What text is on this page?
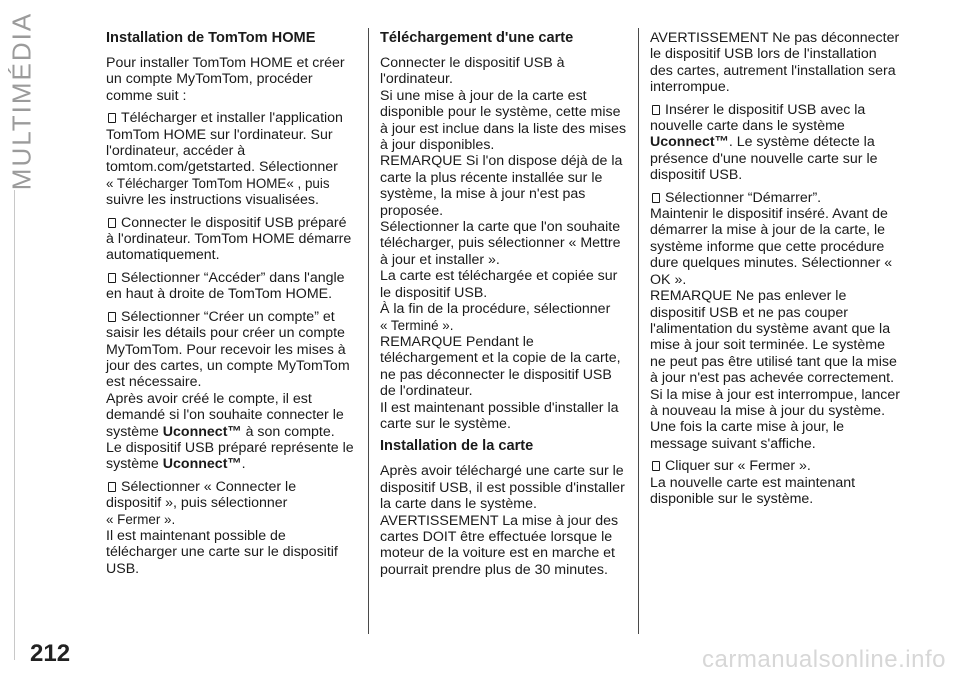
MULTIMÉDIA
212
Installation de TomTom HOME
Pour installer TomTom HOME et créer un compte MyTomTom, procéder comme suit :
Télécharger et installer l'application TomTom HOME sur l'ordinateur. Sur l'ordinateur, accéder à tomtom.com/getstarted. Sélectionner
« Télécharger TomTom HOME« , puis
suivre les instructions visualisées.
Connecter le dispositif USB préparé à l'ordinateur. TomTom HOME démarre automatiquement.
Sélectionner “Accéder” dans l'angle en haut à droite de TomTom HOME.
Sélectionner “Créer un compte” et saisir les détails pour créer un compte MyTomTom. Pour recevoir les mises à jour des cartes, un compte MyTomTom est nécessaire.
Après avoir créé le compte, il est demandé si l'on souhaite connecter le système Uconnect™ à son compte.
Le dispositif USB préparé représente le système Uconnect™.
Sélectionner « Connecter le dispositif », puis sélectionner
« Fermer ».
Il est maintenant possible de télécharger une carte sur le dispositif USB.
Téléchargement d'une carte
Connecter le dispositif USB à l'ordinateur.
Si une mise à jour de la carte est disponible pour le système, cette mise à jour est inclue dans la liste des mises à jour disponibles.
REMARQUE Si l'on dispose déjà de la carte la plus récente installée sur le système, la mise à jour n'est pas proposée.
Sélectionner la carte que l'on souhaite télécharger, puis sélectionner « Mettre à jour et installer ».
La carte est téléchargée et copiée sur le dispositif USB.
À la fin de la procédure, sélectionner
« Terminé ».
REMARQUE Pendant le téléchargement et la copie de la carte, ne pas déconnecter le dispositif USB de l'ordinateur.
Il est maintenant possible d'installer la carte sur le système.
Installation de la carte
Après avoir téléchargé une carte sur le dispositif USB, il est possible d'installer la carte dans le système.
AVERTISSEMENT La mise à jour des cartes DOIT être effectuée lorsque le moteur de la voiture est en marche et pourrait prendre plus de 30 minutes.
AVERTISSEMENT Ne pas déconnecter le dispositif USB lors de l'installation des cartes, autrement l'installation sera interrompue.
Insérer le dispositif USB avec la nouvelle carte dans le système Uconnect™. Le système détecte la présence d'une nouvelle carte sur le dispositif USB.
Sélectionner “Démarrer”.
Maintenir le dispositif inséré. Avant de démarrer la mise à jour de la carte, le système informe que cette procédure dure quelques minutes. Sélectionner « OK ».
REMARQUE Ne pas enlever le dispositif USB et ne pas couper l'alimentation du système avant que la mise à jour soit terminée. Le système ne peut pas être utilisé tant que la mise à jour n'est pas achevée correctement.
Si la mise à jour est interrompue, lancer à nouveau la mise à jour du système. Une fois la carte mise à jour, le message suivant s'affiche.
Cliquer sur « Fermer ».
La nouvelle carte est maintenant disponible sur le système.
carmanualsonline.info
